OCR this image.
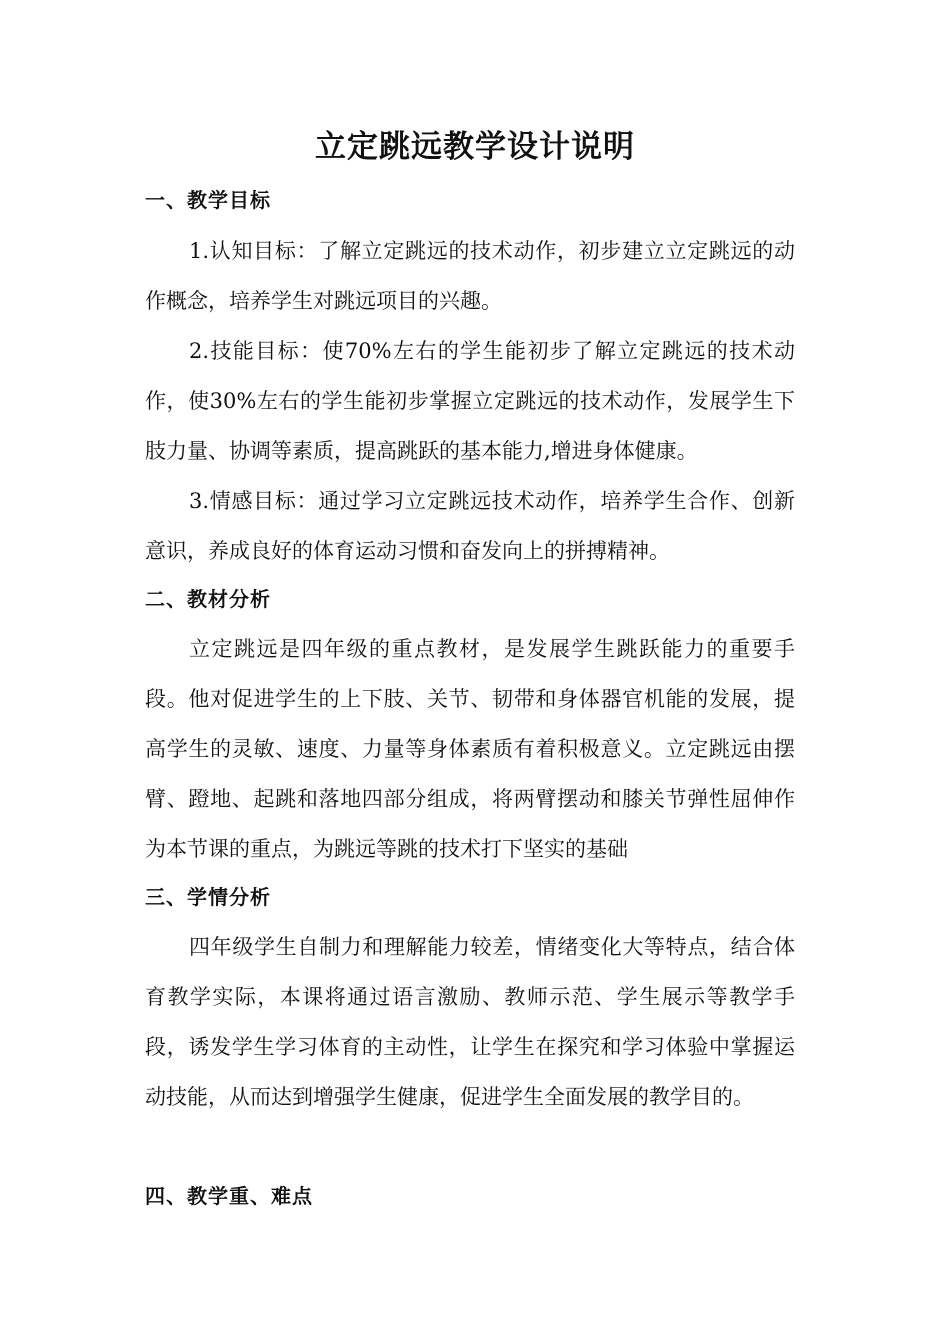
立定跳远教学设计说明
一、教学目标

1.认知目标：了解立定跳远的技术动作，初步建立立定跳远的动作概念，培养学生对跳远项目的兴趣。

2.技能目标：使70%左右的学生能初步了解立定跳远的技术动作，使30%左右的学生能初步掌握立定跳远的技术动作，发展学生下肢力量、协调等素质，提高跳跃的基本能力,增进身体健康。

3.情感目标：通过学习立定跳远技术动作，培养学生合作、创新意识，养成良好的体育运动习惯和奋发向上的拼搏精神。

二、教材分析

立定跳远是四年级的重点教材，是发展学生跳跃能力的重要手段。他对促进学生的上下肢、关节、韧带和身体器官机能的发展，提高学生的灵敏、速度、力量等身体素质有着积极意义。立定跳远由摆臂、蹬地、起跳和落地四部分组成，将两臂摆动和膝关节弹性屈伸作为本节课的重点，为跳远等跳的技术打下坚实的基础

三、学情分析

四年级学生自制力和理解能力较差，情绪变化大等特点，结合体育教学实际，本课将通过语言激励、教师示范、学生展示等教学手段，诱发学生学习体育的主动性，让学生在探究和学习体验中掌握运动技能，从而达到增强学生健康，促进学生全面发展的教学目的。

四、教学重、难点
